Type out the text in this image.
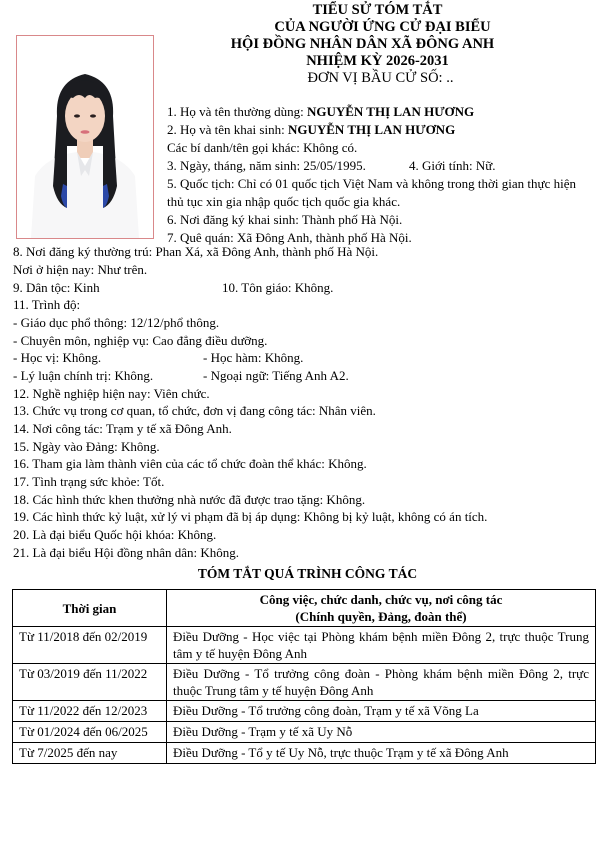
TIỂU SỬ TÓM TẮT
CỦA NGƯỜI ỨNG CỬ ĐẠI BIỂU
HỘI ĐỒNG NHÂN DÂN XÃ ĐÔNG ANH
NHIỆM KỲ 2026-2031
ĐƠN VỊ BẦU CỬ SỐ: ..
1. Họ và tên thường dùng: NGUYỄN THỊ LAN HƯƠNG
2. Họ và tên khai sinh: NGUYỄN THỊ LAN HƯƠNG
Các bí danh/tên gọi khác: Không có.
3. Ngày, tháng, năm sinh: 25/05/1995.	4. Giới tính: Nữ.
5. Quốc tịch: Chỉ có 01 quốc tịch Việt Nam và không trong thời gian thực hiện
thủ tục xin gia nhập quốc tịch quốc gia khác.
6. Nơi đăng ký khai sinh: Thành phố Hà Nội.
7. Quê quán: Xã Đông Anh, thành phố Hà Nội.
8. Nơi đăng ký thường trú: Phan Xá, xã Đông Anh, thành phố Hà Nội.
Nơi ở hiện nay: Như trên.
9. Dân tộc: Kinh	10. Tôn giáo: Không.
11. Trình độ:
- Giáo dục phổ thông: 12/12/phổ thông.
- Chuyên môn, nghiệp vụ: Cao đẳng điều dưỡng.
- Học vị: Không.	- Học hàm: Không.
- Lý luận chính trị: Không.	- Ngoại ngữ: Tiếng Anh A2.
12. Nghề nghiệp hiện nay: Viên chức.
13. Chức vụ trong cơ quan, tổ chức, đơn vị đang công tác: Nhân viên.
14. Nơi công tác: Trạm y tế xã Đông Anh.
15. Ngày vào Đảng: Không.
16. Tham gia làm thành viên của các tổ chức đoàn thể khác: Không.
17. Tình trạng sức khỏe: Tốt.
18. Các hình thức khen thưởng nhà nước đã được trao tặng: Không.
19. Các hình thức kỷ luật, xử lý vi phạm đã bị áp dụng: Không bị kỷ luật, không có án tích.
20. Là đại biểu Quốc hội khóa: Không.
21. Là đại biểu Hội đồng nhân dân: Không.
TÓM TẮT QUÁ TRÌNH CÔNG TÁC
Thời gian	Công việc, chức danh, chức vụ, nơi công tác
(Chính quyền, Đảng, đoàn thể)
Từ 11/2018 đến 02/2019	Điều Dưỡng - Học việc tại Phòng khám bệnh miền Đông 2, trực thuộc Trung tâm y tế huyện Đông Anh
Từ 03/2019 đến 11/2022	Điều Dưỡng - Tổ trưởng công đoàn - Phòng khám bệnh miền Đông 2, trực thuộc Trung tâm y tế huyện Đông Anh
Từ 11/2022 đến 12/2023	Điều Dưỡng - Tổ trưởng công đoàn, Trạm y tế xã Võng La
Từ 01/2024 đến 06/2025	Điều Dưỡng - Trạm y tế xã Uy Nỗ
Từ 7/2025 đến nay	Điều Dưỡng - Tổ y tế Uy Nỗ, trực thuộc Trạm y tế xã Đông Anh
